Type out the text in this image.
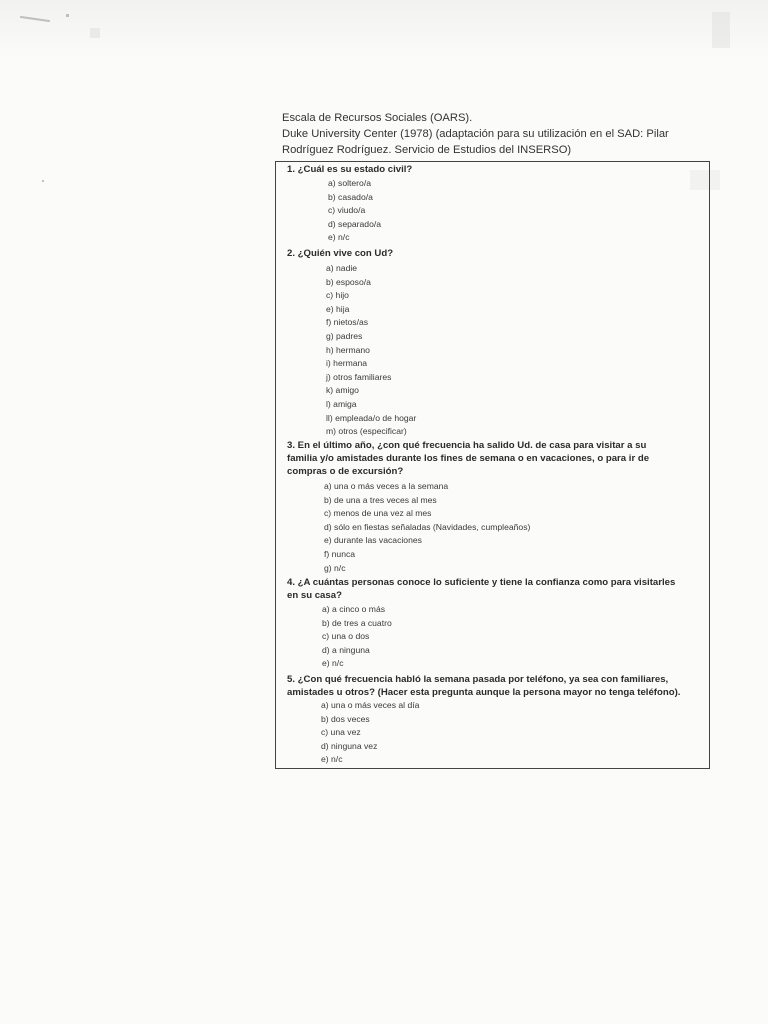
Escala de Recursos Sociales (OARS).
Duke University Center (1978) (adaptación para su utilización en el SAD: Pilar
Rodríguez Rodríguez. Servicio de Estudios del INSERSO)
1. ¿Cuál es su estado civil?
a) soltero/a
b) casado/a
c) viudo/a
d) separado/a
e) n/c
2. ¿Quién vive con Ud?
a) nadie
b) esposo/a
c) hijo
e) hija
f) nietos/as
g) padres
h) hermano
i) hermana
j) otros familiares
k) amigo
l) amiga
ll) empleada/o de hogar
m) otros (especificar)
3. En el último año, ¿con qué frecuencia ha salido Ud. de casa para visitar a su
familia y/o amistades durante los fines de semana o en vacaciones, o para ir de
compras o de excursión?
a) una o más veces a la semana
b) de una a tres veces al mes
c) menos de una vez al mes
d) sólo en fiestas señaladas (Navidades, cumpleaños)
e) durante las vacaciones
f) nunca
g) n/c
4. ¿A cuántas personas conoce lo suficiente y tiene la confianza como para visitarles
en su casa?
a) a cinco o más
b) de tres a cuatro
c) una o dos
d) a ninguna
e) n/c
5. ¿Con qué frecuencia habló la semana pasada por teléfono, ya sea con familiares,
amistades u otros? (Hacer esta pregunta aunque la persona mayor no tenga teléfono).
a) una o más veces al día
b) dos veces
c) una vez
d) ninguna vez
e) n/c
